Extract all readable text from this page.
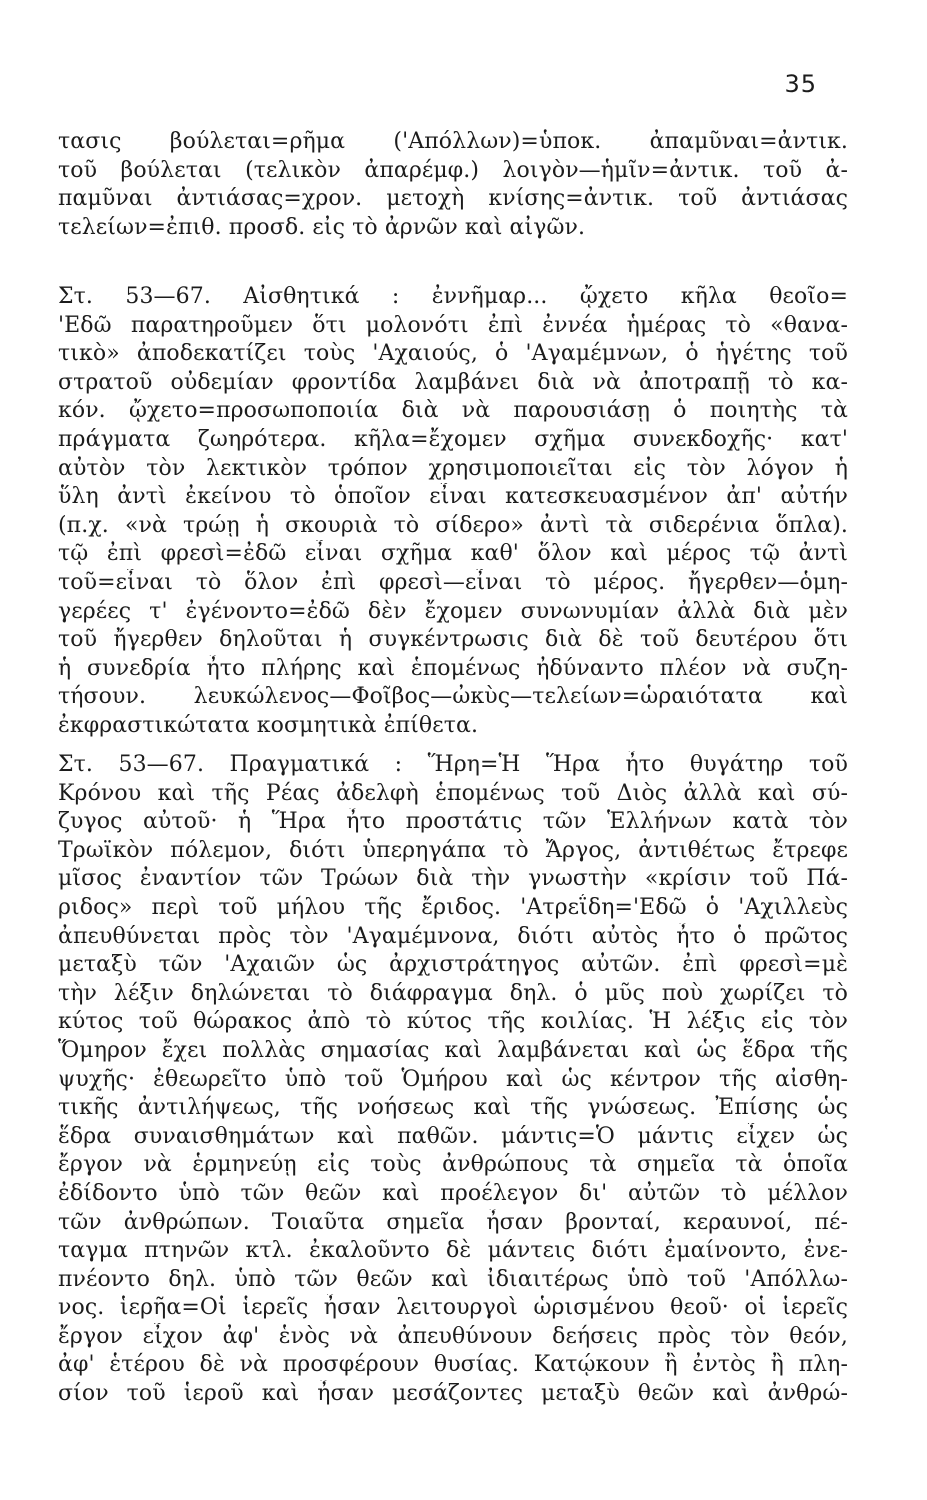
35
τασις βούλεται=ρῆμα ('Απόλλων)=ὑποκ. ἀπαμῦναι=ἀντικ.
τοῦ βούλεται (τελικὸν ἀπαρέμφ.) λοιγὸν—ἡμῖν=ἀντικ. τοῦ ἀ-
παμῦναι ἀντιάσας=χρον. μετοχὴ κνίσης=ἀντικ. τοῦ ἀντιάσας
τελείων=ἐπιθ. προσδ. εἰς τὸ ἀρνῶν καὶ αἰγῶν.
Στ. 53—67. Αἰσθητικά : ἐννῆμαρ... ᾤχετο κῆλα θεοῖο=
'Εδῶ παρατηροῦμεν ὅτι μολονότι ἐπὶ ἐννέα ἡμέρας τὸ «θανα-
τικὸ» ἀποδεκατίζει τοὺς 'Αχαιούς, ὁ 'Αγαμέμνων, ὁ ἡγέτης τοῦ
στρατοῦ οὐδεμίαν φροντίδα λαμβάνει διὰ νὰ ἀποτραπῇ τὸ κα-
κόν. ᾤχετο=προσωποποιία διὰ νὰ παρουσιάσῃ ὁ ποιητὴς τὰ
πράγματα ζωηρότερα. κῆλα=ἔχομεν σχῆμα συνεκδοχῆς· κατ'
αὐτὸν τὸν λεκτικὸν τρόπον χρησιμοποιεῖται εἰς τὸν λόγον ἡ
ὕλη ἀντὶ ἐκείνου τὸ ὁποῖον εἶναι κατεσκευασμένον ἀπ' αὐτήν
(π.χ. «νὰ τρώῃ ἡ σκουριὰ τὸ σίδερο» ἀντὶ τὰ σιδερένια ὅπλα).
τῷ ἐπὶ φρεσὶ=ἐδῶ εἶναι σχῆμα καθ' ὅλον καὶ μέρος τῷ ἀντὶ
τοῦ=εἶναι τὸ ὅλον ἐπὶ φρεσὶ—εἶναι τὸ μέρος. ἤγερθεν—ὁμη-
γερέες τ' ἐγένοντο=ἐδῶ δὲν ἔχομεν συνωνυμίαν ἀλλὰ διὰ μὲν
τοῦ ἤγερθεν δηλοῦται ἡ συγκέντρωσις διὰ δὲ τοῦ δευτέρου ὅτι
ἡ συνεδρία ἦτο πλήρης καὶ ἑπομένως ἠδύναντο πλέον νὰ συζη-
τήσουν. λευκώλενος—Φοῖβος—ὠκὺς—τελείων=ὡραιότατα καὶ
ἐκφραστικώτατα κοσμητικὰ ἐπίθετα.
Στ. 53—67. Πραγματικά : Ἥρη=Ἡ Ἥρα ἦτο θυγάτηρ τοῦ
Κρόνου καὶ τῆς Ρέας ἀδελφὴ ἑπομένως τοῦ Διὸς ἀλλὰ καὶ σύ-
ζυγος αὐτοῦ· ἡ Ἥρα ἦτο προστάτις τῶν Ἑλλήνων κατὰ τὸν
Τρωϊκὸν πόλεμον, διότι ὑπερηγάπα τὸ Ἄργος, ἀντιθέτως ἔτρεφε
μῖσος ἐναντίον τῶν Τρώων διὰ τὴν γνωστὴν «κρίσιν τοῦ Πά-
ριδος» περὶ τοῦ μήλου τῆς ἔριδος. 'Ατρεΐδη='Εδῶ ὁ 'Αχιλλεὺς
ἀπευθύνεται πρὸς τὸν 'Αγαμέμνονα, διότι αὐτὸς ἦτο ὁ πρῶτος
μεταξὺ τῶν 'Αχαιῶν ὡς ἀρχιστράτηγος αὐτῶν. ἐπὶ φρεσὶ=μὲ
τὴν λέξιν δηλώνεται τὸ διάφραγμα δηλ. ὁ μῦς ποὺ χωρίζει τὸ
κύτος τοῦ θώρακος ἀπὸ τὸ κύτος τῆς κοιλίας. Ἡ λέξις εἰς τὸν
Ὅμηρον ἔχει πολλὰς σημασίας καὶ λαμβάνεται καὶ ὡς ἕδρα τῆς
ψυχῆς· ἐθεωρεῖτο ὑπὸ τοῦ Ὁμήρου καὶ ὡς κέντρον τῆς αἰσθη-
τικῆς ἀντιλήψεως, τῆς νοήσεως καὶ τῆς γνώσεως. Ἐπίσης ὡς
ἕδρα συναισθημάτων καὶ παθῶν. μάντις=Ὁ μάντις εἶχεν ὡς
ἔργον νὰ ἑρμηνεύῃ εἰς τοὺς ἀνθρώπους τὰ σημεῖα τὰ ὁποῖα
ἐδίδοντο ὑπὸ τῶν θεῶν καὶ προέλεγον δι' αὐτῶν τὸ μέλλον
τῶν ἀνθρώπων. Τοιαῦτα σημεῖα ἦσαν βρονταί, κεραυνοί, πέ-
ταγμα πτηνῶν κτλ. ἐκαλοῦντο δὲ μάντεις διότι ἐμαίνοντο, ἐνε-
πνέοντο δηλ. ὑπὸ τῶν θεῶν καὶ ἰδιαιτέρως ὑπὸ τοῦ 'Απόλλω-
νος. ἱερῆα=Οἱ ἱερεῖς ἦσαν λειτουργοὶ ὡρισμένου θεοῦ· οἱ ἱερεῖς
ἔργον εἶχον ἀφ' ἑνὸς νὰ ἀπευθύνουν δεήσεις πρὸς τὸν θεόν,
ἀφ' ἑτέρου δὲ νὰ προσφέρουν θυσίας. Κατῴκουν ἢ ἐντὸς ἢ πλη-
σίον τοῦ ἱεροῦ καὶ ἦσαν μεσάζοντες μεταξὺ θεῶν καὶ ἀνθρώ-
